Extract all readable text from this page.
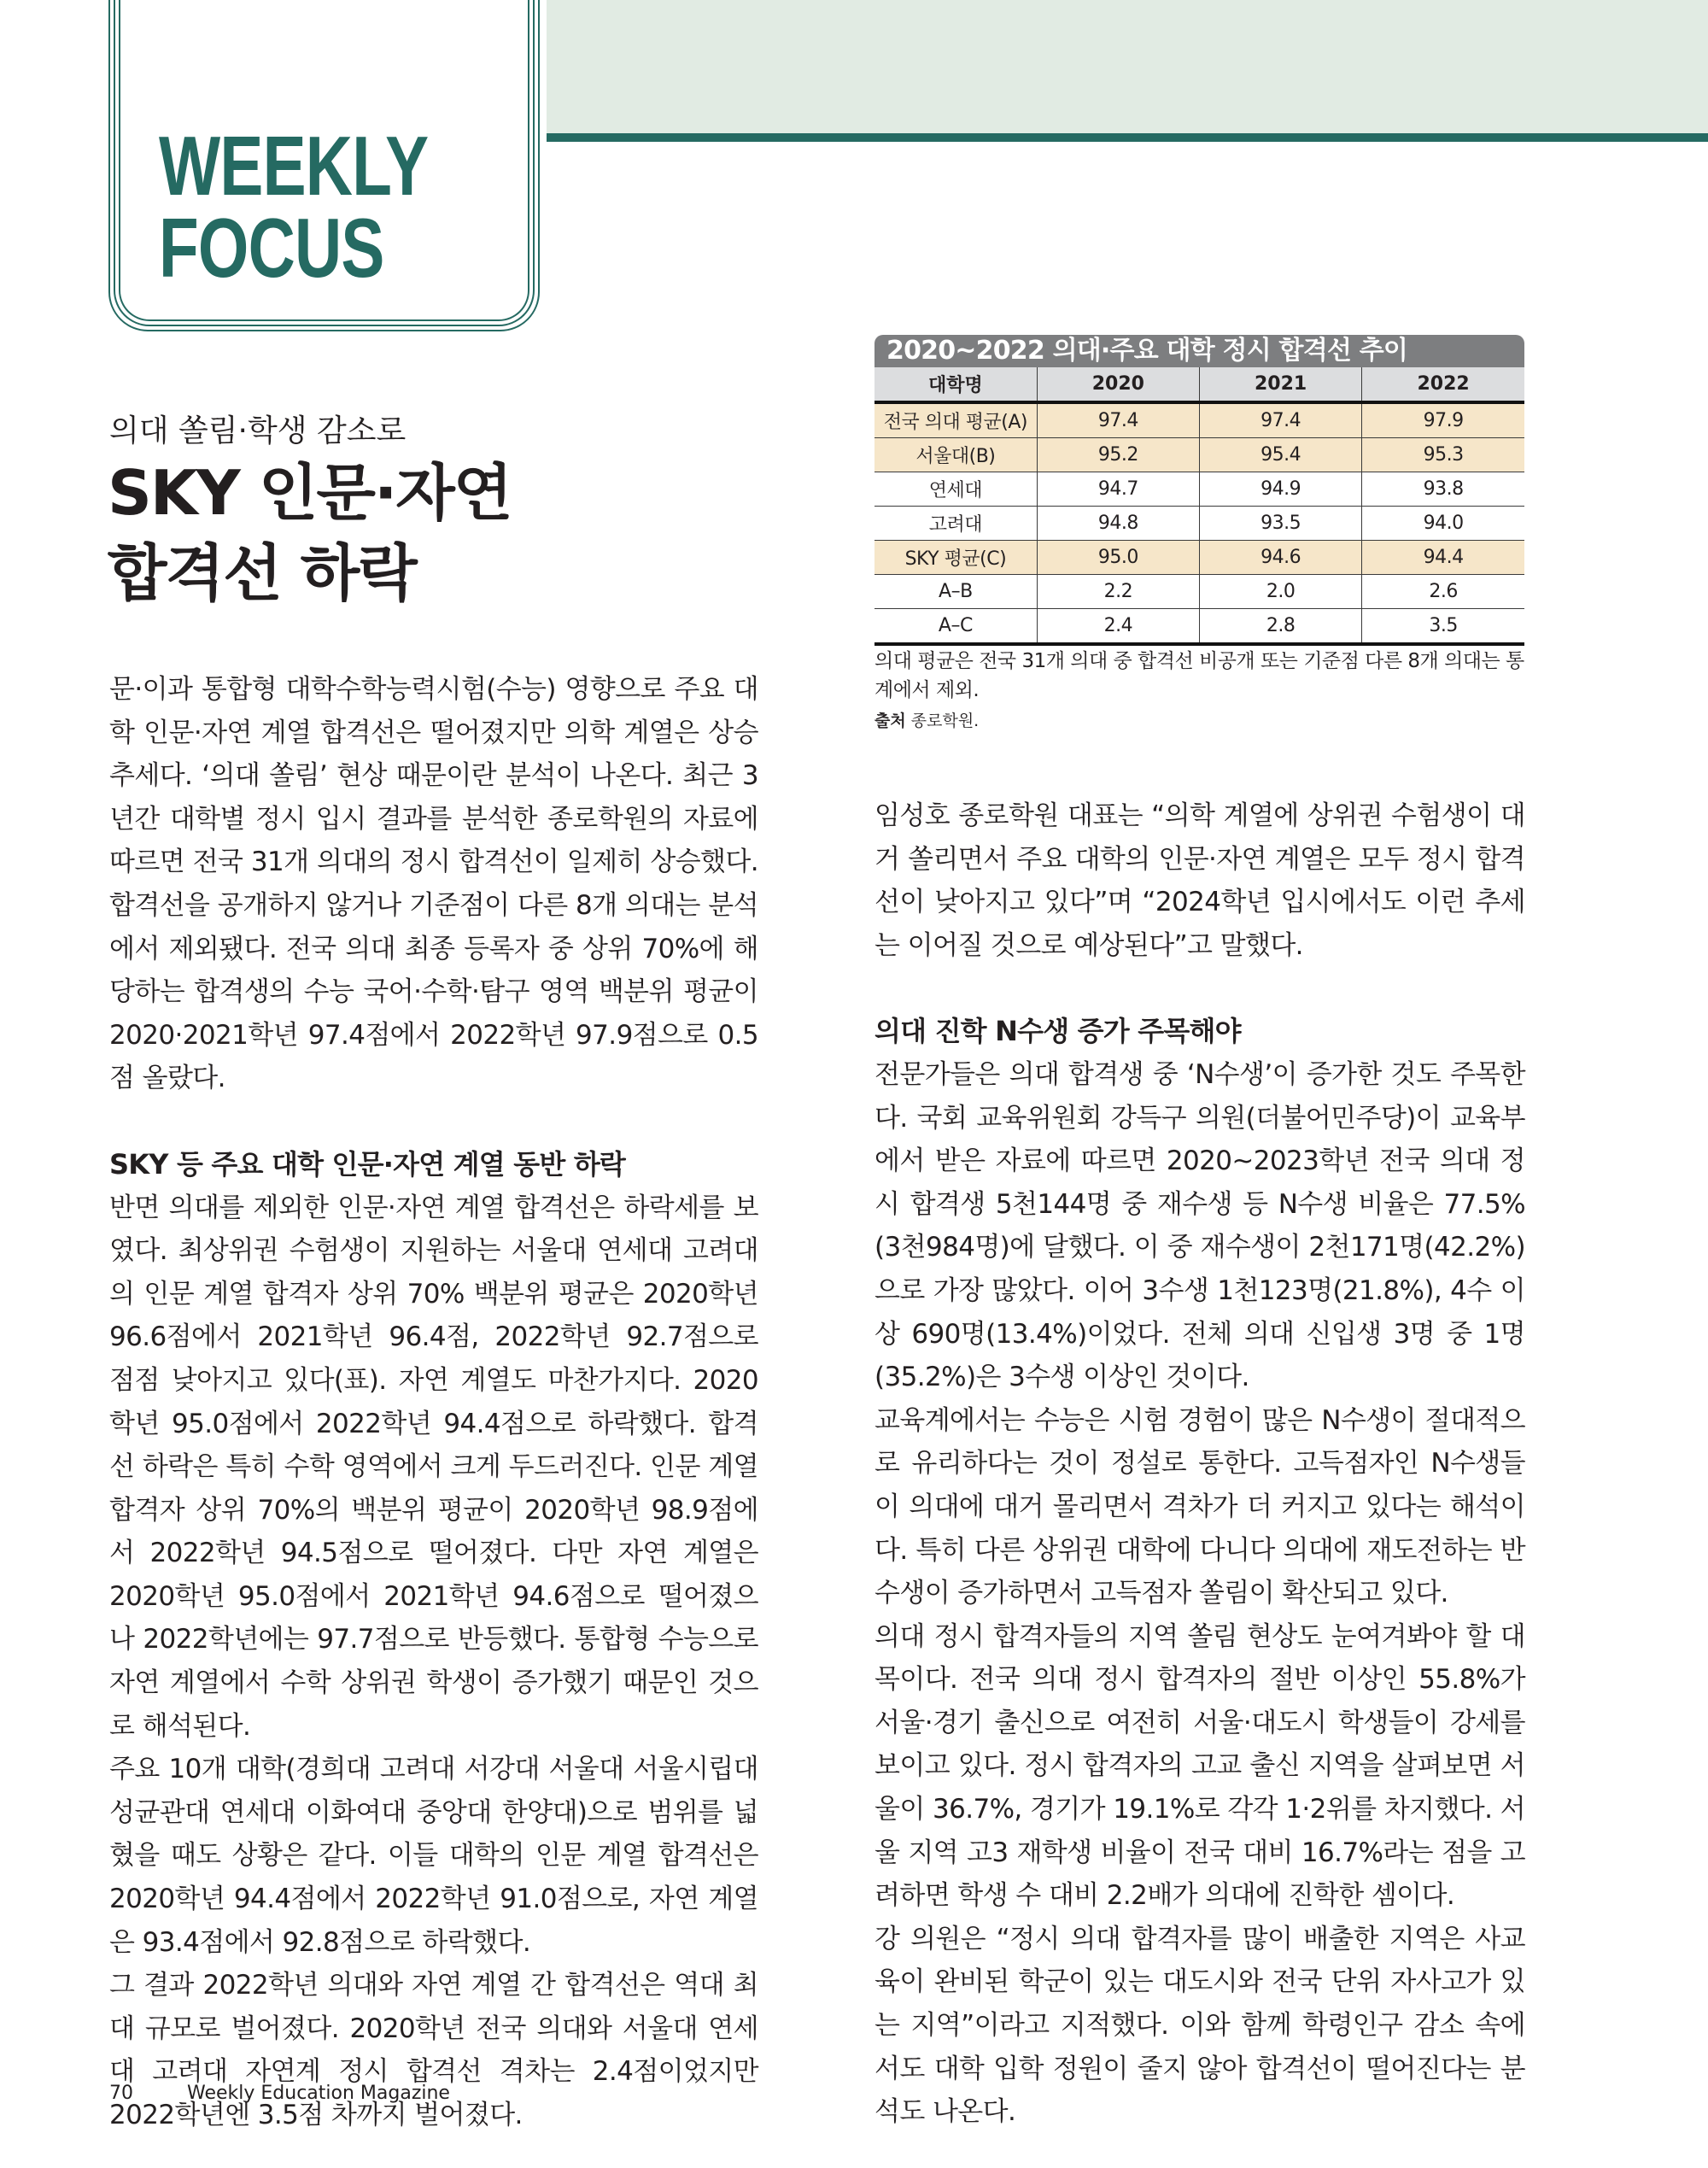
WEEKLY
FOCUS
의대 쏠림·학생 감소로
SKY 인문·자연
합격선 하락

문·이과 통합형 대학수학능력시험(수능) 영향으로 주요 대학 인문·자연 계열 합격선은 떨어졌지만 의학 계열은 상승 추세다. ‘의대 쏠림’ 현상 때문이란 분석이 나온다. 최근 3년간 대학별 정시 입시 결과를 분석한 종로학원의 자료에 따르면 전국 31개 의대의 정시 합격선이 일제히 상승했다. 합격선을 공개하지 않거나 기준점이 다른 8개 의대는 분석에서 제외됐다. 전국 의대 최종 등록자 중 상위 70%에 해당하는 합격생의 수능 국어·수학·탐구 영역 백분위 평균이 2020·2021학년 97.4점에서 2022학년 97.9점으로 0.5점 올랐다.

SKY 등 주요 대학 인문·자연 계열 동반 하락

반면 의대를 제외한 인문·자연 계열 합격선은 하락세를 보였다. 최상위권 수험생이 지원하는 서울대 연세대 고려대의 인문 계열 합격자 상위 70% 백분위 평균은 2020학년 96.6점에서 2021학년 96.4점, 2022학년 92.7점으로 점점 낮아지고 있다(표). 자연 계열도 마찬가지다. 2020학년 95.0점에서 2022학년 94.4점으로 하락했다. 합격선 하락은 특히 수학 영역에서 크게 두드러진다. 인문 계열 합격자 상위 70%의 백분위 평균이 2020학년 98.9점에서 2022학년 94.5점으로 떨어졌다. 다만 자연 계열은 2020학년 95.0점에서 2021학년 94.6점으로 떨어졌으나 2022학년에는 97.7점으로 반등했다. 통합형 수능으로 자연 계열에서 수학 상위권 학생이 증가했기 때문인 것으로 해석된다.

주요 10개 대학(경희대 고려대 서강대 서울대 서울시립대 성균관대 연세대 이화여대 중앙대 한양대)으로 범위를 넓혔을 때도 상황은 같다. 이들 대학의 인문 계열 합격선은 2020학년 94.4점에서 2022학년 91.0점으로, 자연 계열은 93.4점에서 92.8점으로 하락했다.

그 결과 2022학년 의대와 자연 계열 간 합격선은 역대 최대 규모로 벌어졌다. 2020학년 전국 의대와 서울대 연세대 고려대 자연계 정시 합격선 격차는 2.4점이었지만 2022학년엔 3.5점 차까지 벌어졌다.

2020~2022 의대·주요 대학 정시 합격선 추이
대학명	2020	2021	2022
전국 의대 평균(A)	97.4	97.4	97.9
서울대(B)	95.2	95.4	95.3
연세대	94.7	94.9	93.8
고려대	94.8	93.5	94.0
SKY 평균(C)	95.0	94.6	94.4
A–B	2.2	2.0	2.6
A–C	2.4	2.8	3.5
의대 평균은 전국 31개 의대 중 합격선 비공개 또는 기준점 다른 8개 의대는 통계에서 제외.
출처 종로학원.

임성호 종로학원 대표는 “의학 계열에 상위권 수험생이 대거 쏠리면서 주요 대학의 인문·자연 계열은 모두 정시 합격선이 낮아지고 있다”며 “2024학년 입시에서도 이런 추세는 이어질 것으로 예상된다”고 말했다.

의대 진학 N수생 증가 주목해야

전문가들은 의대 합격생 중 ‘N수생’이 증가한 것도 주목한다. 국회 교육위원회 강득구 의원(더불어민주당)이 교육부에서 받은 자료에 따르면 2020~2023학년 전국 의대 정시 합격생 5천144명 중 재수생 등 N수생 비율은 77.5%(3천984명)에 달했다. 이 중 재수생이 2천171명(42.2%)으로 가장 많았다. 이어 3수생 1천123명(21.8%), 4수 이상 690명(13.4%)이었다. 전체 의대 신입생 3명 중 1명(35.2%)은 3수생 이상인 것이다.

교육계에서는 수능은 시험 경험이 많은 N수생이 절대적으로 유리하다는 것이 정설로 통한다. 고득점자인 N수생들이 의대에 대거 몰리면서 격차가 더 커지고 있다는 해석이다. 특히 다른 상위권 대학에 다니다 의대에 재도전하는 반수생이 증가하면서 고득점자 쏠림이 확산되고 있다.

의대 정시 합격자들의 지역 쏠림 현상도 눈여겨봐야 할 대목이다. 전국 의대 정시 합격자의 절반 이상인 55.8%가 서울·경기 출신으로 여전히 서울·대도시 학생들이 강세를 보이고 있다. 정시 합격자의 고교 출신 지역을 살펴보면 서울이 36.7%, 경기가 19.1%로 각각 1·2위를 차지했다. 서울 지역 고3 재학생 비율이 전국 대비 16.7%라는 점을 고려하면 학생 수 대비 2.2배가 의대에 진학한 셈이다.

강 의원은 “정시 의대 합격자를 많이 배출한 지역은 사교육이 완비된 학군이 있는 대도시와 전국 단위 자사고가 있는 지역”이라고 지적했다. 이와 함께 학령인구 감소 속에서도 대학 입학 정원이 줄지 않아 합격선이 떨어진다는 분석도 나온다.

70	Weekly Education Magazine
